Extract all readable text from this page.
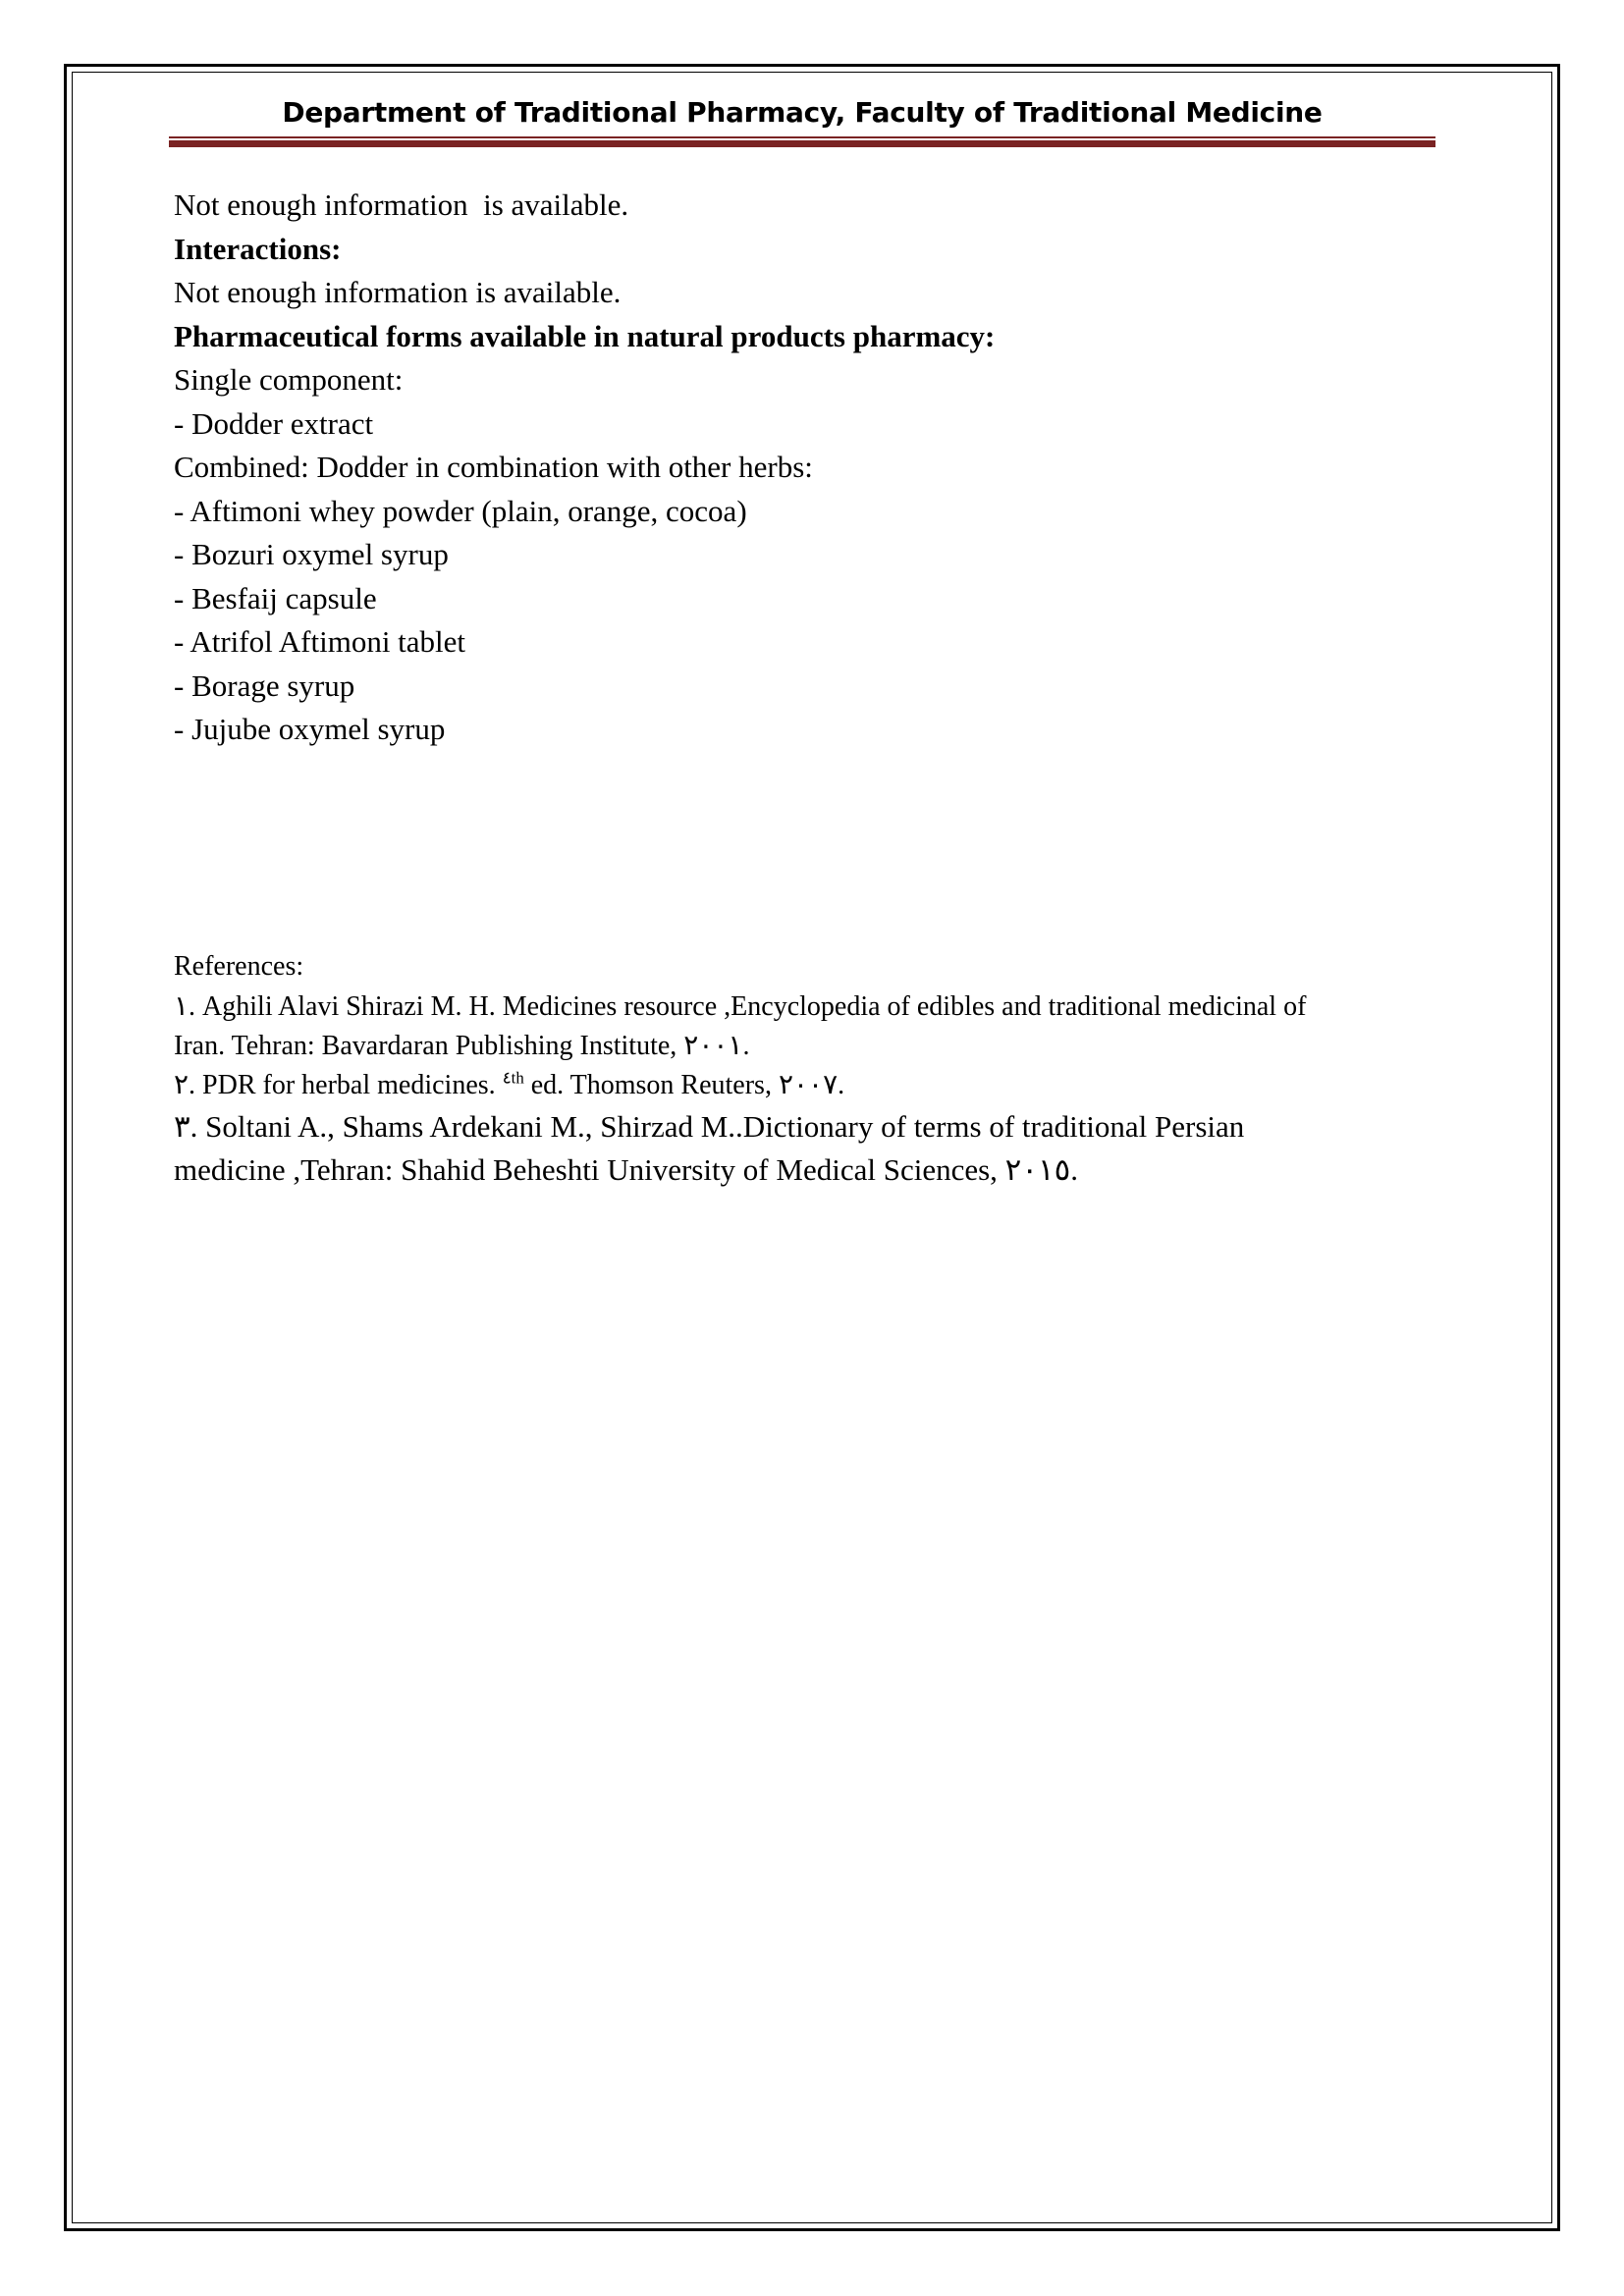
Department of Traditional Pharmacy, Faculty of Traditional Medicine
Not enough information  is available.
Interactions:
Not enough information is available.
Pharmaceutical forms available in natural products pharmacy:
Single component:
- Dodder extract
Combined: Dodder in combination with other herbs:
- Aftimoni whey powder (plain, orange, cocoa)
- Bozuri oxymel syrup
- Besfaij capsule
- Atrifol Aftimoni tablet
- Borage syrup
- Jujube oxymel syrup
References:
١. Aghili Alavi Shirazi M. H. Medicines resource ,Encyclopedia of edibles and traditional medicinal of
Iran. Tehran: Bavardaran Publishing Institute, ٢٠٠١.
٢. PDR for herbal medicines. $^{٤th}$ ed. Thomson Reuters, ٢٠٠٧.
٣. Soltani A., Shams Ardekani M., Shirzad M..Dictionary of terms of traditional Persian
medicine ,Tehran: Shahid Beheshti University of Medical Sciences, ٢٠١٥.
